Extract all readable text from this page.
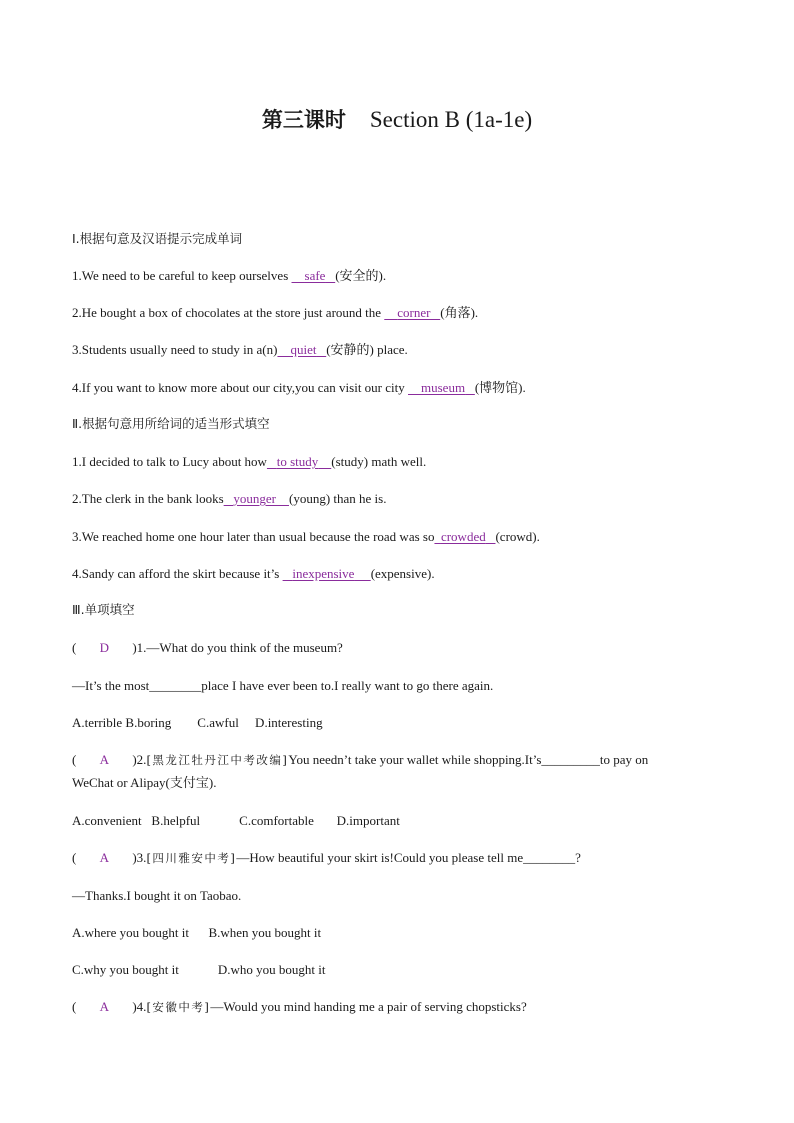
第三课时 Section B (1a-1e)
Ⅰ.根据句意及汉语提示完成单词
1.We need to be careful to keep ourselves     safe (安全的).
2.He bought a box of chocolates at the store just around the     corner (角落).
3.Students usually need to study in a(n) quiet (安静的) place.
4.If you want to know more about our city,you can visit our city     museum (博物馆).
Ⅱ.根据句意用所给词的适当形式填空
1.I decided to talk to Lucy about how to study (study) math well.
2.The clerk in the bank looks younger (young) than he is.
3.We reached home one hour later than usual because the road was so crowded (crowd).
4.Sandy can afford the skirt because it’s    inexpensive (expensive).
Ⅲ.单项填空
( D )1.—What do you think of the museum?
—It’s the most________place I have ever been to.I really want to go there again.
A.terrible B.boring        C.awful     D.interesting
( A )2.[黑龙江牡丹江中考改编]You needn’t take your wallet while shopping.It’s_________to pay on
WeChat or Alipay(支付宝).
A.convenient   B.helpful            C.comfortable       D.important
( A )3.[四川雅安中考]—How beautiful your skirt is!Could you please tell me________?
—Thanks.I bought it on Taobao.
A.where you bought it      B.when you bought it
C.why you bought it            D.who you bought it
( A )4.[安徽中考]—Would you mind handing me a pair of serving chopsticks?
